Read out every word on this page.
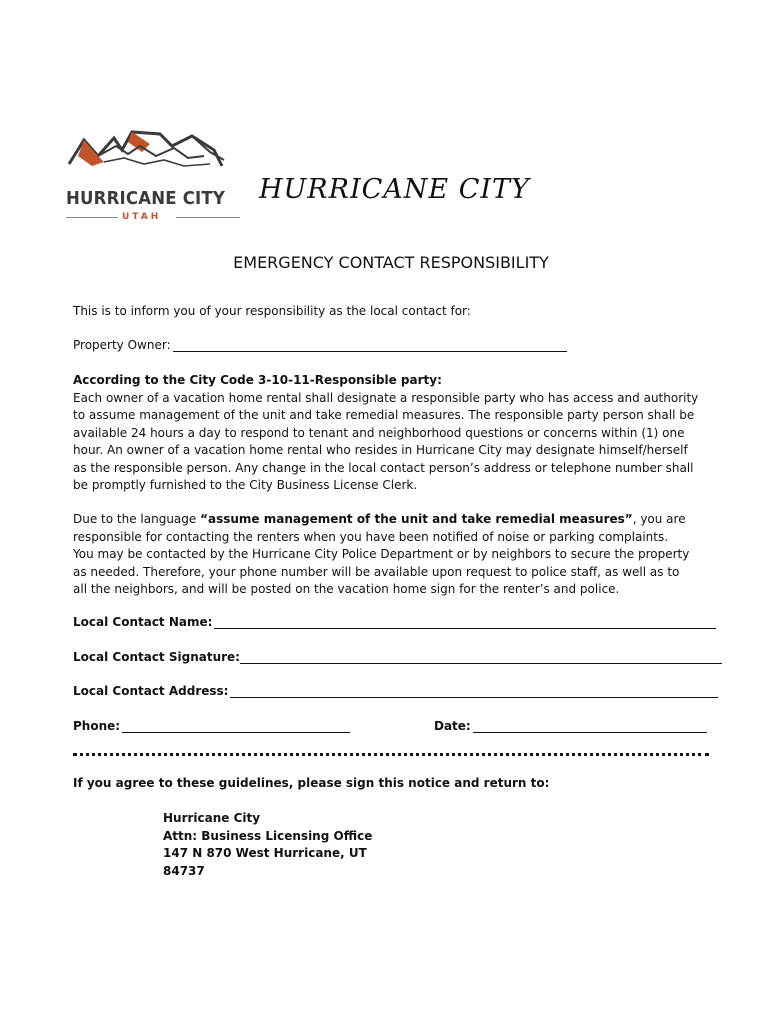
HURRICANE CITY
UTAH
HURRICANE CITY
EMERGENCY CONTACT RESPONSIBILITY
This is to inform you of your responsibility as the local contact for:
Property Owner:
According to the City Code 3-10-11-Responsible party:
Each owner of a vacation home rental shall designate a responsible party who has access and authority
to assume management of the unit and take remedial measures. The responsible party person shall be
available 24 hours a day to respond to tenant and neighborhood questions or concerns within (1) one
hour. An owner of a vacation home rental who resides in Hurricane City may designate himself/herself
as the responsible person. Any change in the local contact person’s address or telephone number shall
be promptly furnished to the City Business License Clerk.
Due to the language “assume management of the unit and take remedial measures”, you are
responsible for contacting the renters when you have been notified of noise or parking complaints.
You may be contacted by the Hurricane City Police Department or by neighbors to secure the property
as needed. Therefore, your phone number will be available upon request to police staff, as well as to
all the neighbors, and will be posted on the vacation home sign for the renter’s and police.
Local Contact Name:
Local Contact Signature:
Local Contact Address:
Phone:	Date:
If you agree to these guidelines, please sign this notice and return to:
Hurricane City
Attn: Business Licensing Office
147 N 870 West Hurricane, UT
84737
